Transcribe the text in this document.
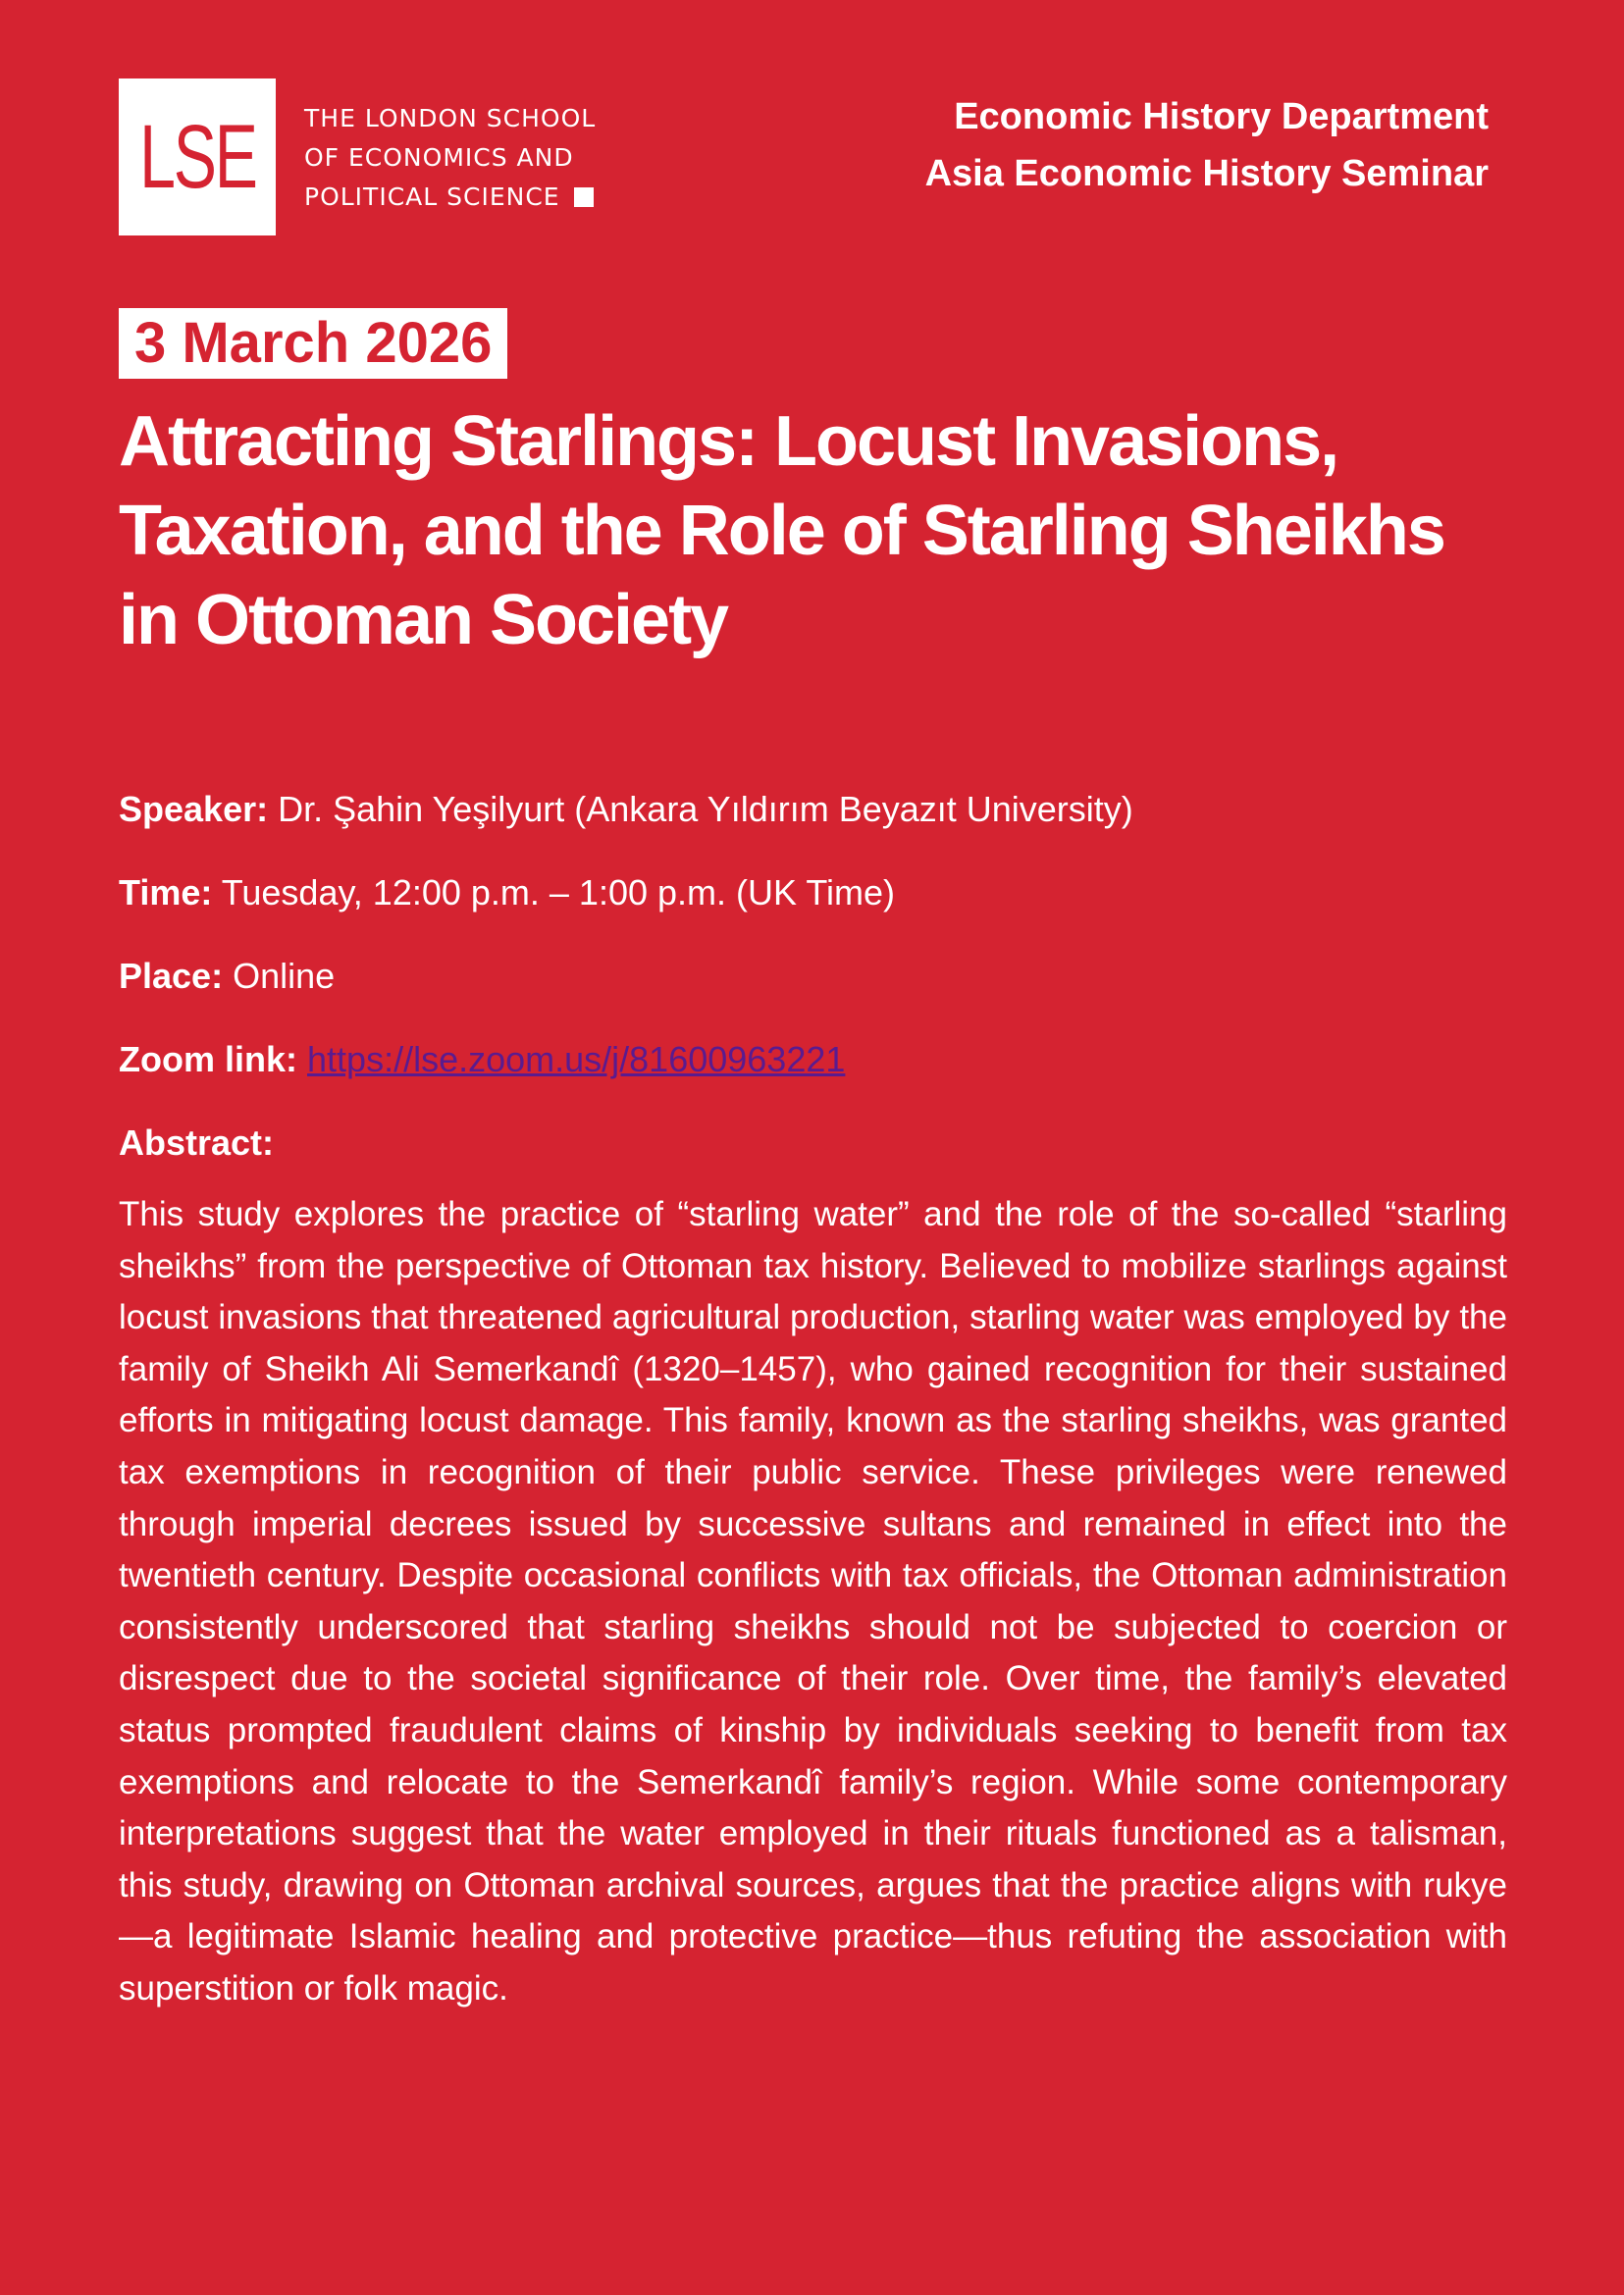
LSE THE LONDON SCHOOL
OF ECONOMICS AND
POLITICAL SCIENCE
Economic History Department
Asia Economic History Seminar
3 March 2026
Attracting Starlings: Locust Invasions, Taxation, and the Role of Starling Sheikhs in Ottoman Society
Speaker: Dr. Şahin Yeşilyurt (Ankara Yıldırım Beyazıt University)
Time: Tuesday, 12:00 p.m. – 1:00 p.m. (UK Time)
Place: Online
Zoom link: https://lse.zoom.us/j/81600963221
Abstract:

This study explores the practice of “starling water” and the role of the so-called “starling sheikhs” from the perspective of Ottoman tax history. Believed to mobilize starlings against locust invasions that threatened agricultural production, starling water was employed by the family of Sheikh Ali Semerkandî (1320–1457), who gained recognition for their sustained efforts in mitigating locust damage. This family, known as the starling sheikhs, was granted tax exemptions in recognition of their public service. These privileges were renewed through imperial decrees issued by successive sultans and remained in effect into the twentieth century. Despite occasional conflicts with tax officials, the Ottoman administration consistently underscored that starling sheikhs should not be subjected to coercion or disrespect due to the societal significance of their role. Over time, the family’s elevated status prompted fraudulent claims of kinship by individuals seeking to benefit from tax exemptions and relocate to the Semerkandî family’s region. While some contemporary interpretations suggest that the water employed in their rituals functioned as a talisman, this study, drawing on Ottoman archival sources, argues that the practice aligns with rukye—a legitimate Islamic healing and protective practice—thus refuting the association with superstition or folk magic.
